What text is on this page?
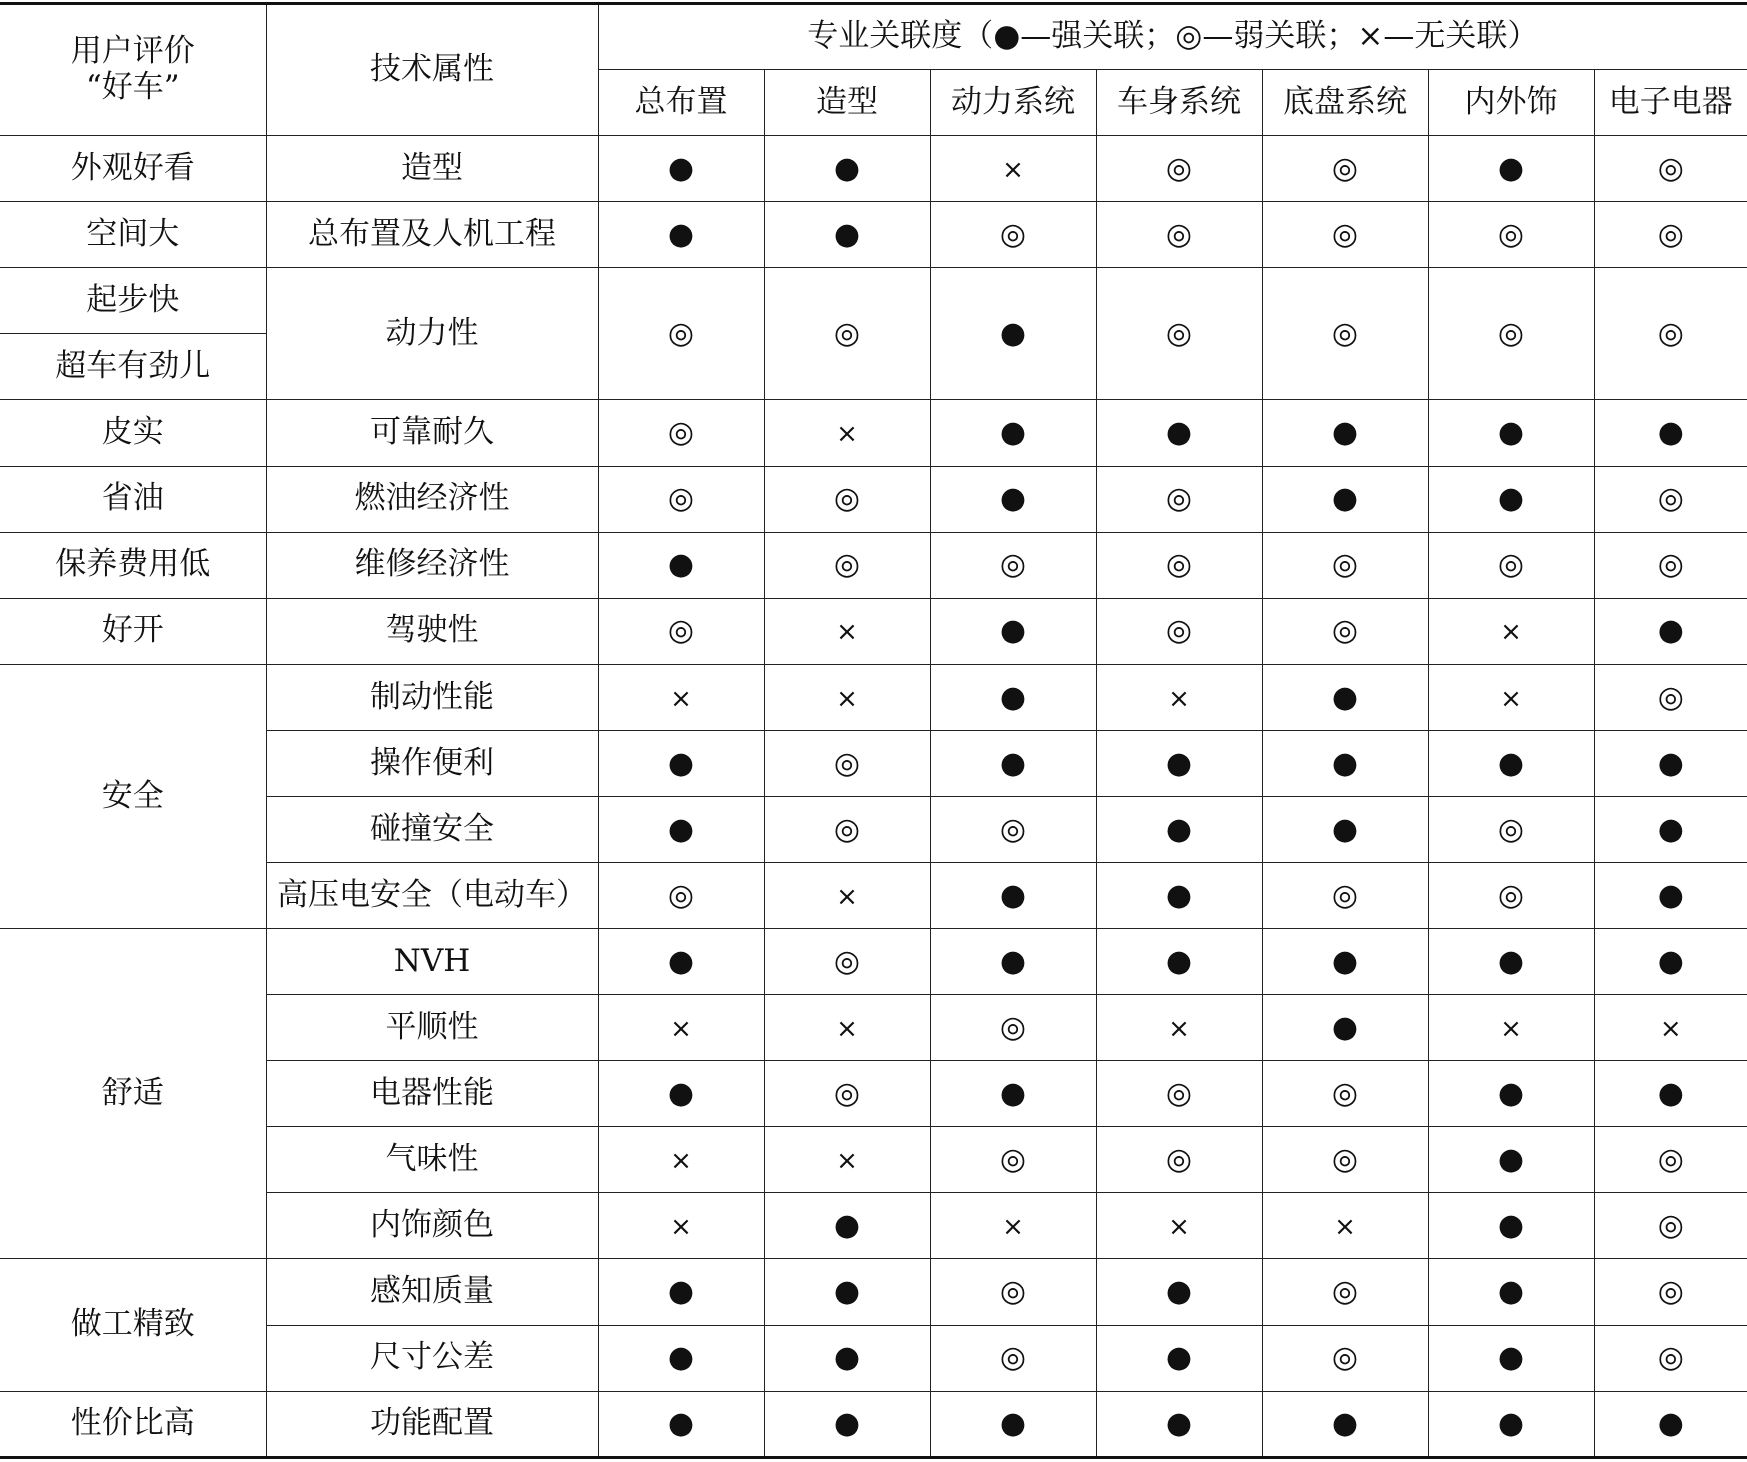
用户评价
“好车”	技术属性	专业关联度（●—强关联；◎—弱关联；×—无关联）						
		总布置	造型	动力系统	车身系统	底盘系统	内外饰	电子电器
外观好看	造型	●	●	×	◎	◎	●	◎
空间大	总布置及人机工程	●	●	◎	◎	◎	◎	◎
起步快	动力性	◎	◎	●	◎	◎	◎	◎
超车有劲儿								
皮实	可靠耐久	◎	×	●	●	●	●	●
省油	燃油经济性	◎	◎	●	◎	●	●	◎
保养费用低	维修经济性	●	◎	◎	◎	◎	◎	◎
好开	驾驶性	◎	×	●	◎	◎	×	●
安全	制动性能	×	×	●	×	●	×	◎
	操作便利	●	◎	●	●	●	●	●
	碰撞安全	●	◎	◎	●	●	◎	●
	高压电安全（电动车）	◎	×	●	●	◎	◎	●
舒适	NVH	●	◎	●	●	●	●	●
	平顺性	×	×	◎	×	●	×	×
	电器性能	●	◎	●	◎	◎	●	●
	气味性	×	×	◎	◎	◎	●	◎
	内饰颜色	×	●	×	×	×	●	◎
做工精致	感知质量	●	●	◎	●	◎	●	◎
	尺寸公差	●	●	◎	●	◎	●	◎
性价比高	功能配置	●	●	●	●	●	●	●
